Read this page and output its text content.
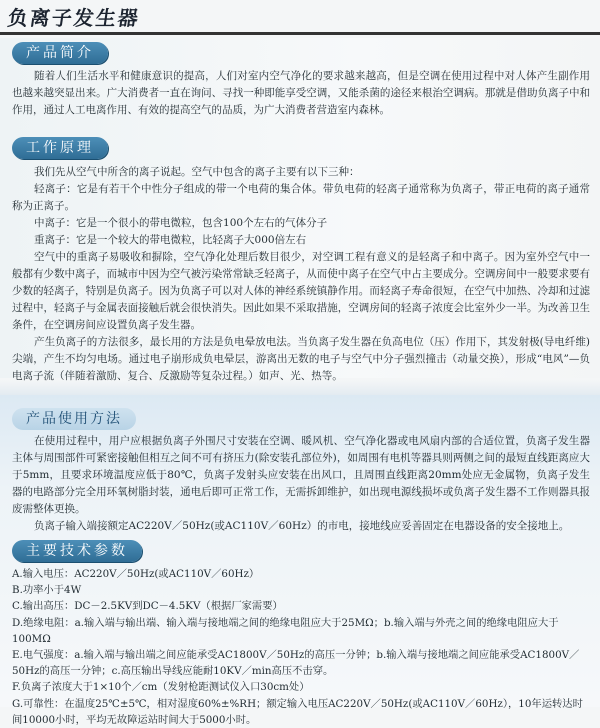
负离子发生器
产品简介

随着人们生活水平和健康意识的提高，人们对室内空气净化的要求越来越高，但是空调在使用过程中对人体产生副作用也越来越突显出来。广大消费者一直在询问、寻找一种即能享受空调，又能杀菌的途径来根治空调病。那就是借助负离子中和作用，通过人工电离作用、有效的提高空气的品质，为广大消费者营造室内森林。

工作原理

我们先从空气中所含的离子说起。空气中包含的离子主要有以下三种：

轻离子：它是有若干个中性分子组成的带一个电荷的集合体。带负电荷的轻离子通常称为负离子，带正电荷的离子通常称为正离子。

中离子：它是一个很小的带电微粒，包含100个左右的气体分子

重离子：它是一个较大的带电微粒，比轻离子大000倍左右

空气中的重离子易吸收和摒除，空气净化处理后数目很少，对空调工程有意义的是轻离子和中离子。因为室外空气中一般都有少数中离子，而城市中因为空气被污染常常缺乏轻离子，从而使中离子在空气中占主要成分。空调房间中一般要求要有少数的轻离子，特别是负离子。因为负离子可以对人体的神经系统镇静作用。而轻离子寿命很短，在空气中加热、冷却和过滤过程中，轻离子与金属表面接触后就会很快消失。因此如果不采取措施，空调房间的轻离子浓度会比室外少一半。为改善卫生条件，在空调房间应设置负离子发生器。

产生负离子的方法很多，最长用的方法是负电晕放电法。当负离子发生器在负高电位（压）作用下，其发射极(导电纤维)尖端，产生不均匀电场。通过电子崩形成负电晕层，游离出无数的电子与空气中分子强烈撞击（动量交换），形成“电风”—负电离子流（伴随着激励、复合、反激励等复杂过程。）如声、光、热等。

产品使用方法

在使用过程中，用户应根据负离子外围尺寸安装在空调、暖风机、空气净化器或电风扇内部的合适位置，负离子发生器主体与周围部件可紧密接触但相互之间不可有挤压力(除安装孔部位外)，如周围有电机等器具则两侧之间的最短直线距离应大于5mm，且要求环境温度应低于80℃，负离子发射头应安装在出风口，且周围直线距离20mm处应无金属物，负离子发生器的电路部分完全用环氧树脂封装，通电后即可正常工作，无需拆卸维护，如出现电源线损坏或负离子发生器不工作则器具报废需整体更换。

负离子输入端接额定AC220V／50Hz(或AC110V／60Hz）的市电，接地线应妥善固定在电器设备的安全接地上。

主要技术参数
A.输入电压：AC220V／50Hz(或AC110V／60Hz）
B.功率小于4W
C.输出高压：DC－2.5KV到DC－4.5KV（根据厂家需要）
D.绝缘电阻：a.输入端与输出端、输入端与接地端之间的绝缘电阻应大于25MΩ；b.输入端与外壳之间的绝缘电阻应大于100MΩ
E.电气强度：a.输入端与输出端之间应能承受AC1800V／50Hz的高压一分钟；b.输入端与接地端之间应能承受AC1800V／50Hz的高压一分钟；c.高压输出导线应能耐10KV／min高压不击穿。
F.负离子浓度大于1×10个／cm（发射枪距测试仪入口30cm处）
G.可靠性：在温度25℃±5℃，相对湿度60%±%RH；额定输入电压AC220V／50Hz(或AC110V／60Hz），10年运转达时间10000小时，平均无故障运站时间大于5000小时。
